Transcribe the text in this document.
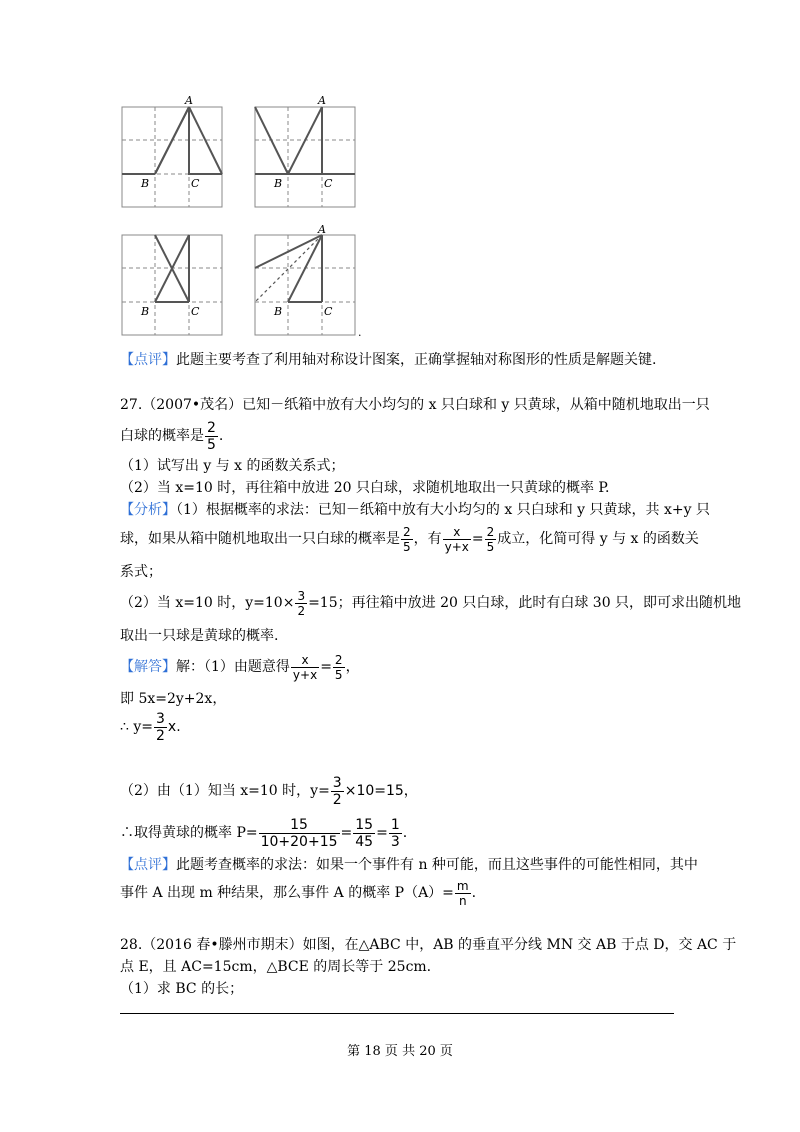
A
B	C
A
B	C
B	C
A
B	C
.
【点评】此题主要考查了利用轴对称设计图案，正确掌握轴对称图形的性质是解题关键.
27.（2007•茂名）已知－纸箱中放有大小均匀的 x 只白球和 y 只黄球，从箱中随机地取出一只
白球的概率是 $\frac{2}{5}$ .
（1）试写出 y 与 x 的函数关系式；
（2）当 x=10 时，再往箱中放进 20 只白球，求随机地取出一只黄球的概率 P.
【分析】（1）根据概率的求法：已知－纸箱中放有大小均匀的 x 只白球和 y 只黄球，共 x+y 只
球，如果从箱中随机地取出一只白球的概率是 $\frac{2}{5}$ ，有 $\frac{x}{y+x} = \frac{2}{5}$ 成立，化简可得 y 与 x 的函数关
系式；
（2）当 x=10 时，$y=10\times \frac{3}{2} =15$；再往箱中放进 20 只白球，此时有白球 30 只，即可求出随机地
取出一只球是黄球的概率.
【解答】解：（1）由题意得 $\frac{x}{y+x} = \frac{2}{5}$ ，
即 5x=2y+2x，
∴ $y= \frac{3}{2} x$.
（2）由（1）知当 x=10 时，$y= \frac{3}{2} \times 10=15$，
∴取得黄球的概率 $P= \frac{15}{10+20+15} = \frac{15}{45} = \frac{1}{3}$ .
【点评】此题考查概率的求法：如果一个事件有 n 种可能，而且这些事件的可能性相同，其中
事件 A 出现 m 种结果，那么事件 A 的概率 $P(A)= \frac{m}{n}$ .
28.（2016 春•滕州市期末）如图，在△ABC 中，AB 的垂直平分线 MN 交 AB 于点 D，交 AC 于
点 E，且 AC=15cm，△BCE 的周长等于 25cm.
（1）求 BC 的长；
第 18 页 共 20 页
